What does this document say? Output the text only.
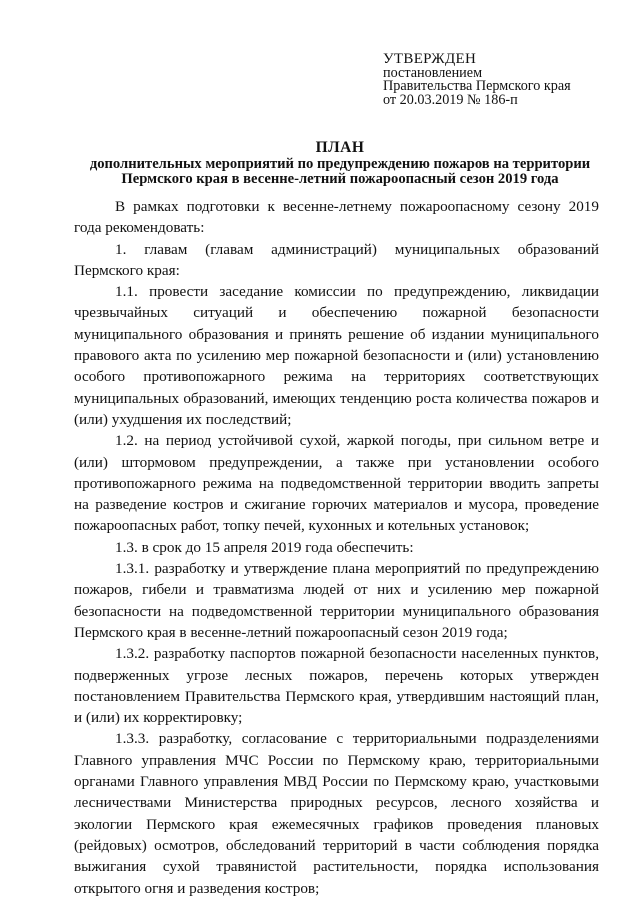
УТВЕРЖДЕН
постановлением
Правительства Пермского края
от 20.03.2019 № 186-п
ПЛАН
дополнительных мероприятий по предупреждению пожаров на территории
Пермского края в весенне-летний пожароопасный сезон 2019 года

В рамках подготовки к весенне-летнему пожароопасному сезону 2019 года рекомендовать:

1. главам (главам администраций) муниципальных образований Пермского края:

1.1. провести заседание комиссии по предупреждению, ликвидации чрезвычайных ситуаций и обеспечению пожарной безопасности муниципального образования и принять решение об издании муниципального правового акта по усилению мер пожарной безопасности и (или) установлению особого противопожарного режима на территориях соответствующих муниципальных образований, имеющих тенденцию роста количества пожаров и (или) ухудшения их последствий;

1.2. на период устойчивой сухой, жаркой погоды, при сильном ветре и (или) штормовом предупреждении, а также при установлении особого противопожарного режима на подведомственной территории вводить запреты на разведение костров и сжигание горючих материалов и мусора, проведение пожароопасных работ, топку печей, кухонных и котельных установок;

1.3. в срок до 15 апреля 2019 года обеспечить:

1.3.1. разработку и утверждение плана мероприятий по предупреждению пожаров, гибели и травматизма людей от них и усилению мер пожарной безопасности на подведомственной территории муниципального образования Пермского края в весенне-летний пожароопасный сезон 2019 года;

1.3.2. разработку паспортов пожарной безопасности населенных пунктов, подверженных угрозе лесных пожаров, перечень которых утвержден постановлением Правительства Пермского края, утвердившим настоящий план, и (или) их корректировку;

1.3.3. разработку, согласование с территориальными подразделениями Главного управления МЧС России по Пермскому краю, территориальными органами Главного управления МВД России по Пермскому краю, участковыми лесничествами Министерства природных ресурсов, лесного хозяйства и экологии Пермского края ежемесячных графиков проведения плановых (рейдовых) осмотров, обследований территорий в части соблюдения порядка выжигания сухой травянистой растительности, порядка использования открытого огня и разведения костров;
